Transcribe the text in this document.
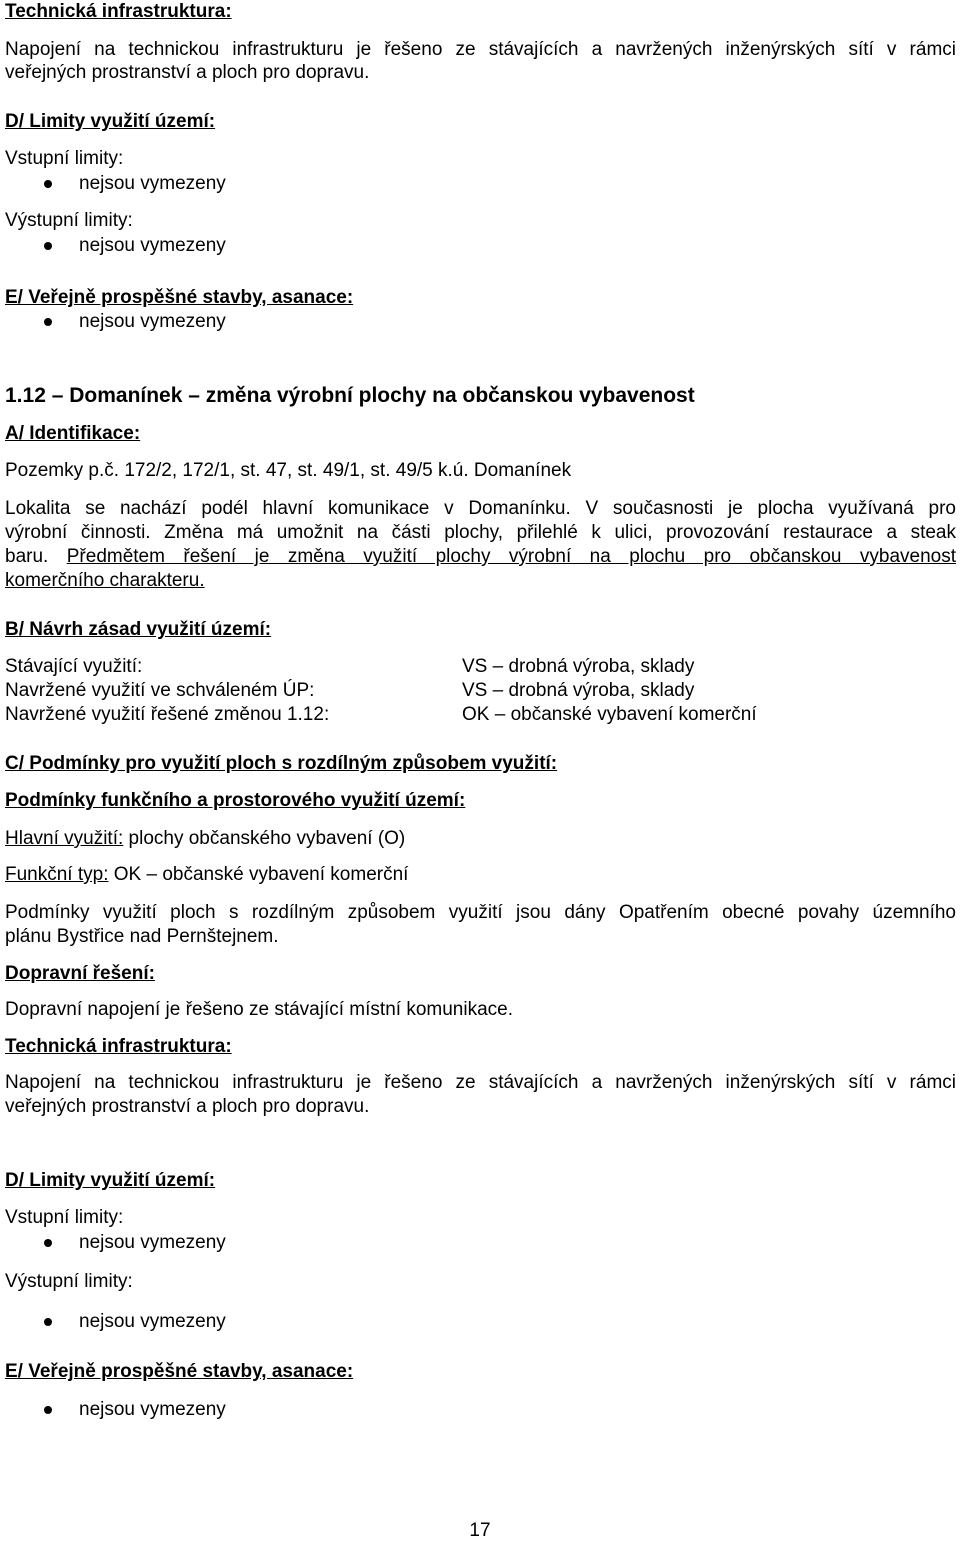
Technická infrastruktura:
Napojení na technickou infrastrukturu je řešeno ze stávajících a navržených inženýrských sítí v rámci
veřejných prostranství a ploch pro dopravu.
D/ Limity využití území:
Vstupní limity:
nejsou vymezeny
Výstupní limity:
nejsou vymezeny
E/ Veřejně prospěšné stavby, asanace:
nejsou vymezeny
1.12 – Domanínek – změna výrobní plochy na občanskou vybavenost
A/ Identifikace:
Pozemky p.č. 172/2, 172/1, st. 47, st. 49/1, st. 49/5 k.ú. Domanínek
Lokalita se nachází podél hlavní komunikace v Domanínku. V současnosti je plocha využívaná pro
výrobní činnosti. Změna má umožnit na části plochy, přilehlé k ulici, provozování restaurace a steak
baru. Předmětem řešení je změna využití plochy výrobní na plochu pro občanskou vybavenost
komerčního charakteru.
B/ Návrh zásad využití území:
Stávající využití:	VS – drobná výroba, sklady
Navržené využití ve schváleném ÚP:	VS – drobná výroba, sklady
Navržené využití řešené změnou 1.12:	OK – občanské vybavení komerční
C/ Podmínky pro využití ploch s rozdílným způsobem využití:
Podmínky funkčního a prostorového využití území:
Hlavní využití: plochy občanského vybavení (O)
Funkční typ: OK – občanské vybavení komerční
Podmínky využití ploch s rozdílným způsobem využití jsou dány Opatřením obecné povahy územního
plánu Bystřice nad Pernštejnem.
Dopravní řešení:
Dopravní napojení je řešeno ze stávající místní komunikace.
Technická infrastruktura:
Napojení na technickou infrastrukturu je řešeno ze stávajících a navržených inženýrských sítí v rámci
veřejných prostranství a ploch pro dopravu.
D/ Limity využití území:
Vstupní limity:
nejsou vymezeny
Výstupní limity:
nejsou vymezeny
E/ Veřejně prospěšné stavby, asanace:
nejsou vymezeny
17
